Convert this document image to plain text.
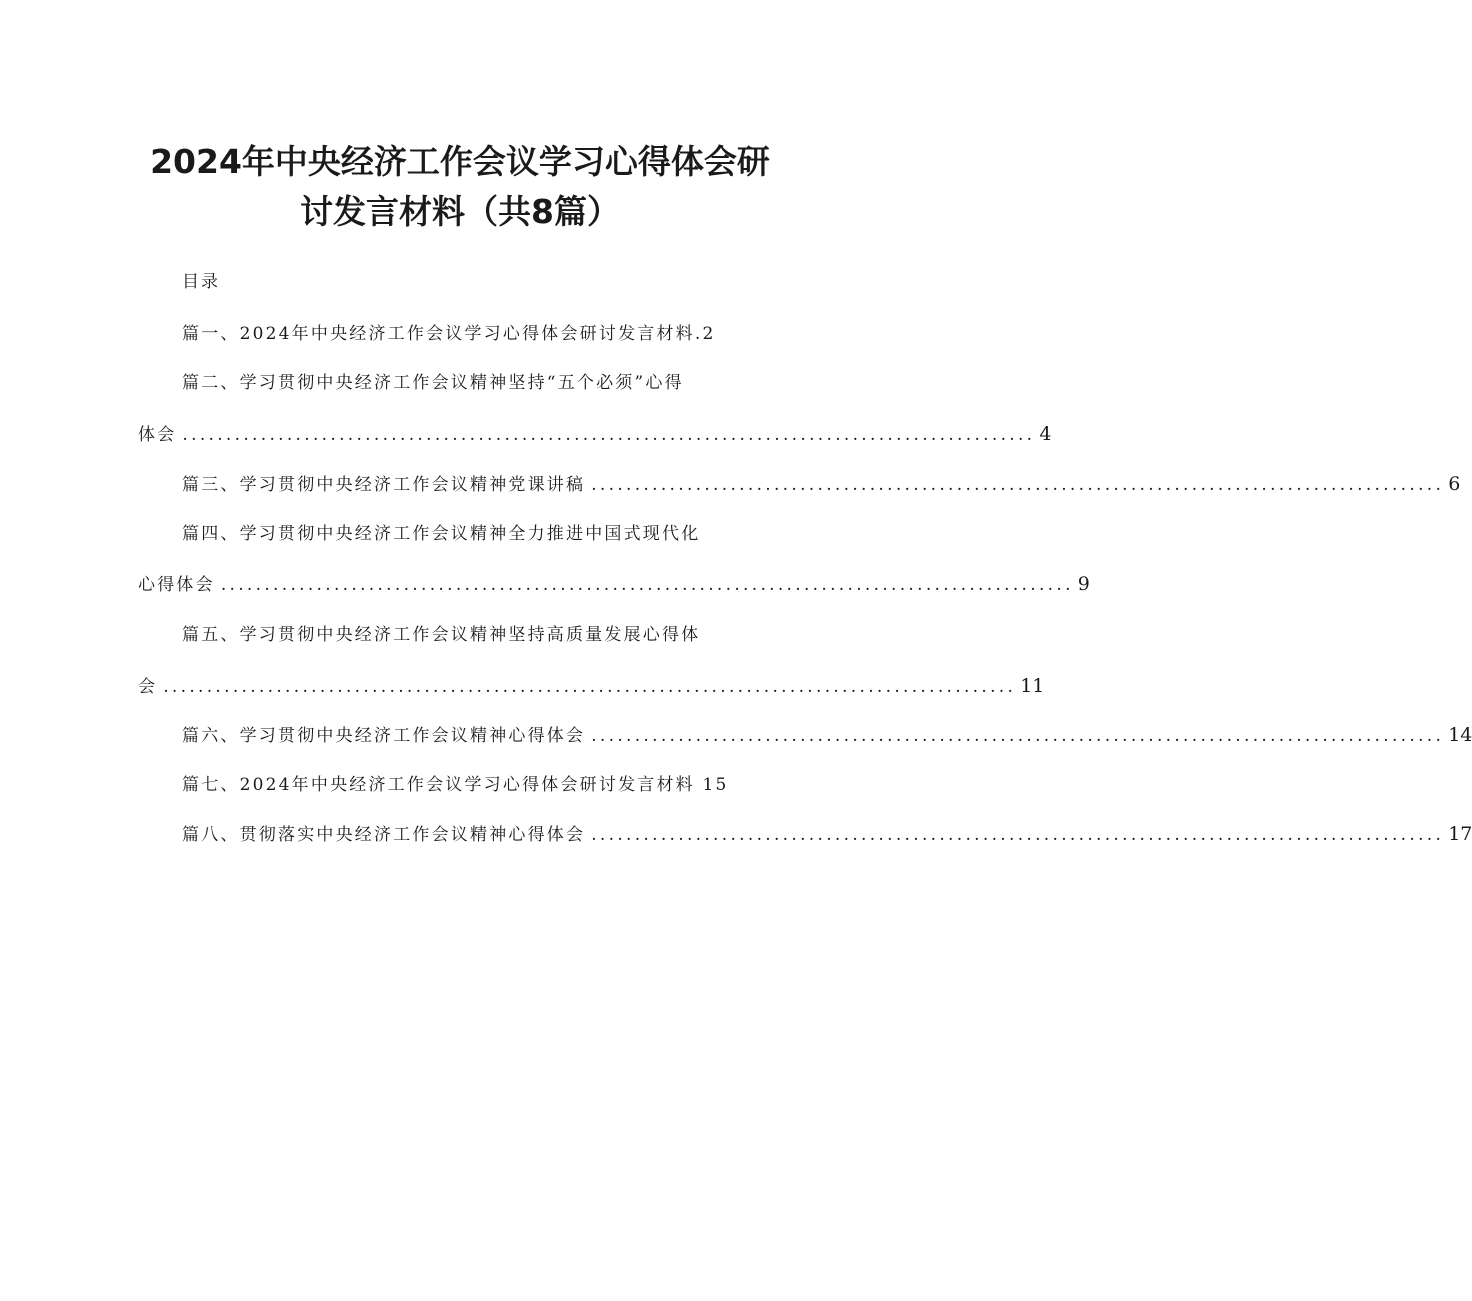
2024年中央经济工作会议学习心得体会研
讨发言材料（共8篇）
目录
篇一、2024年中央经济工作会议学习心得体会研讨发言材料.2
篇二、学习贯彻中央经济工作会议精神坚持“五个必须”心得
体会 .................................................................................................. 4
篇三、学习贯彻中央经济工作会议精神党课讲稿 .................................................................................................. 6
篇四、学习贯彻中央经济工作会议精神全力推进中国式现代化
心得体会 .................................................................................................. 9
篇五、学习贯彻中央经济工作会议精神坚持高质量发展心得体
会 .................................................................................................. 11
篇六、学习贯彻中央经济工作会议精神心得体会 .................................................................................................. 14
篇七、2024年中央经济工作会议学习心得体会研讨发言材料 15
篇八、贯彻落实中央经济工作会议精神心得体会 .................................................................................................. 17
